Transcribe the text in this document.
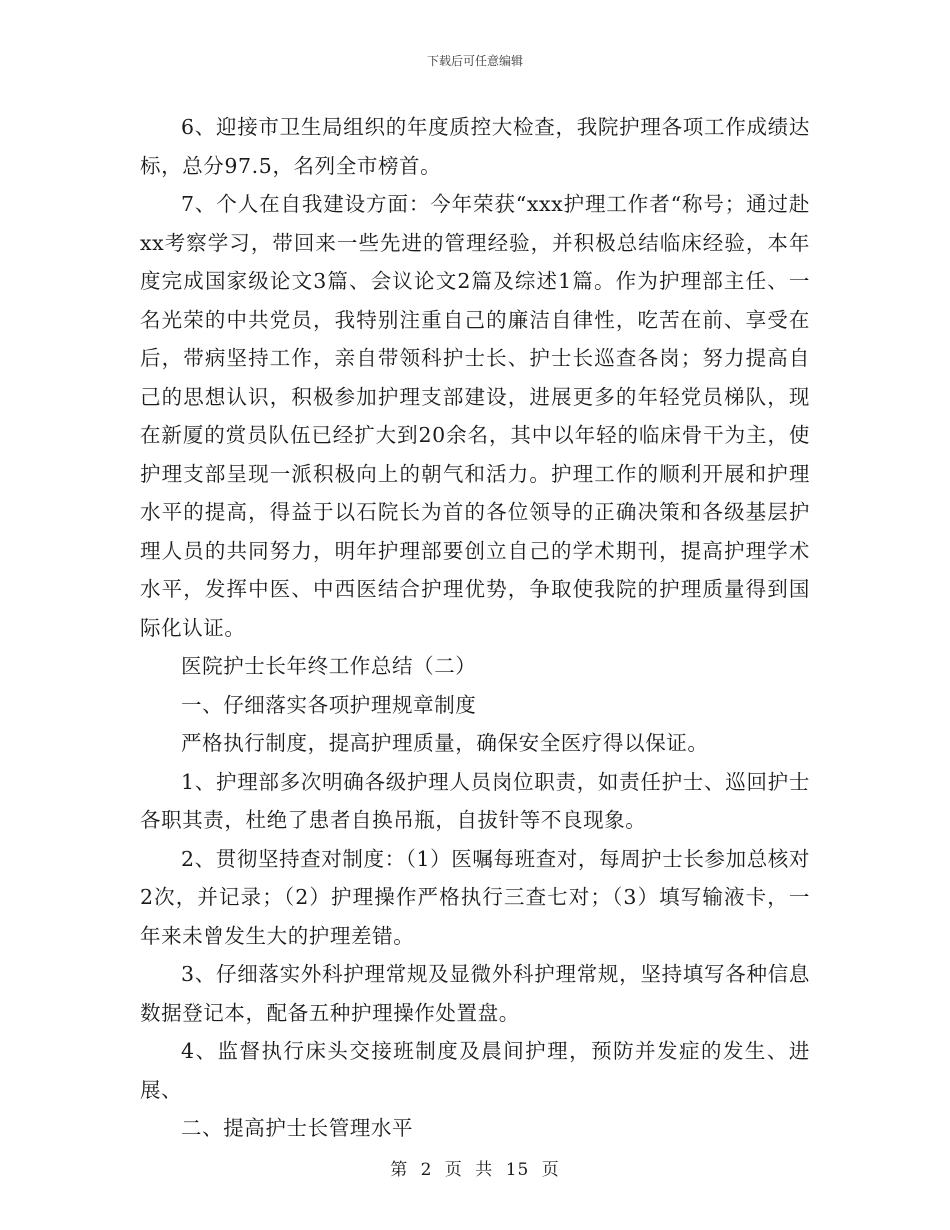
下载后可任意编辑

6、迎接市卫生局组织的年度质控大检查，我院护理各项工作成绩达标，总分97.5，名列全市榜首。

7、个人在自我建设方面：今年荣获“xxx护理工作者“称号；通过赴xx考察学习，带回来一些先进的管理经验，并积极总结临床经验，本年度完成国家级论文3篇、会议论文2篇及综述1篇。作为护理部主任、一名光荣的中共党员，我特别注重自己的廉洁自律性，吃苦在前、享受在后，带病坚持工作，亲自带领科护士长、护士长巡查各岗；努力提高自己的思想认识，积极参加护理支部建设，进展更多的年轻党员梯队，现在新厦的赏员队伍已经扩大到20余名，其中以年轻的临床骨干为主，使护理支部呈现一派积极向上的朝气和活力。护理工作的顺利开展和护理水平的提高，得益于以石院长为首的各位领导的正确决策和各级基层护理人员的共同努力，明年护理部要创立自己的学术期刊，提高护理学术水平，发挥中医、中西医结合护理优势，争取使我院的护理质量得到国际化认证。

医院护士长年终工作总结（二）

一、仔细落实各项护理规章制度

严格执行制度，提高护理质量，确保安全医疗得以保证。

1、护理部多次明确各级护理人员岗位职责，如责任护士、巡回护士各职其责，杜绝了患者自换吊瓶，自拔针等不良现象。

2、贯彻坚持查对制度：（1）医嘱每班查对，每周护士长参加总核对2次，并记录；（2）护理操作严格执行三查七对；（3）填写输液卡，一年来未曾发生大的护理差错。

3、仔细落实外科护理常规及显微外科护理常规，坚持填写各种信息数据登记本，配备五种护理操作处置盘。

4、监督执行床头交接班制度及晨间护理，预防并发症的发生、进展、

二、提高护士长管理水平

第 2 页 共 15 页
